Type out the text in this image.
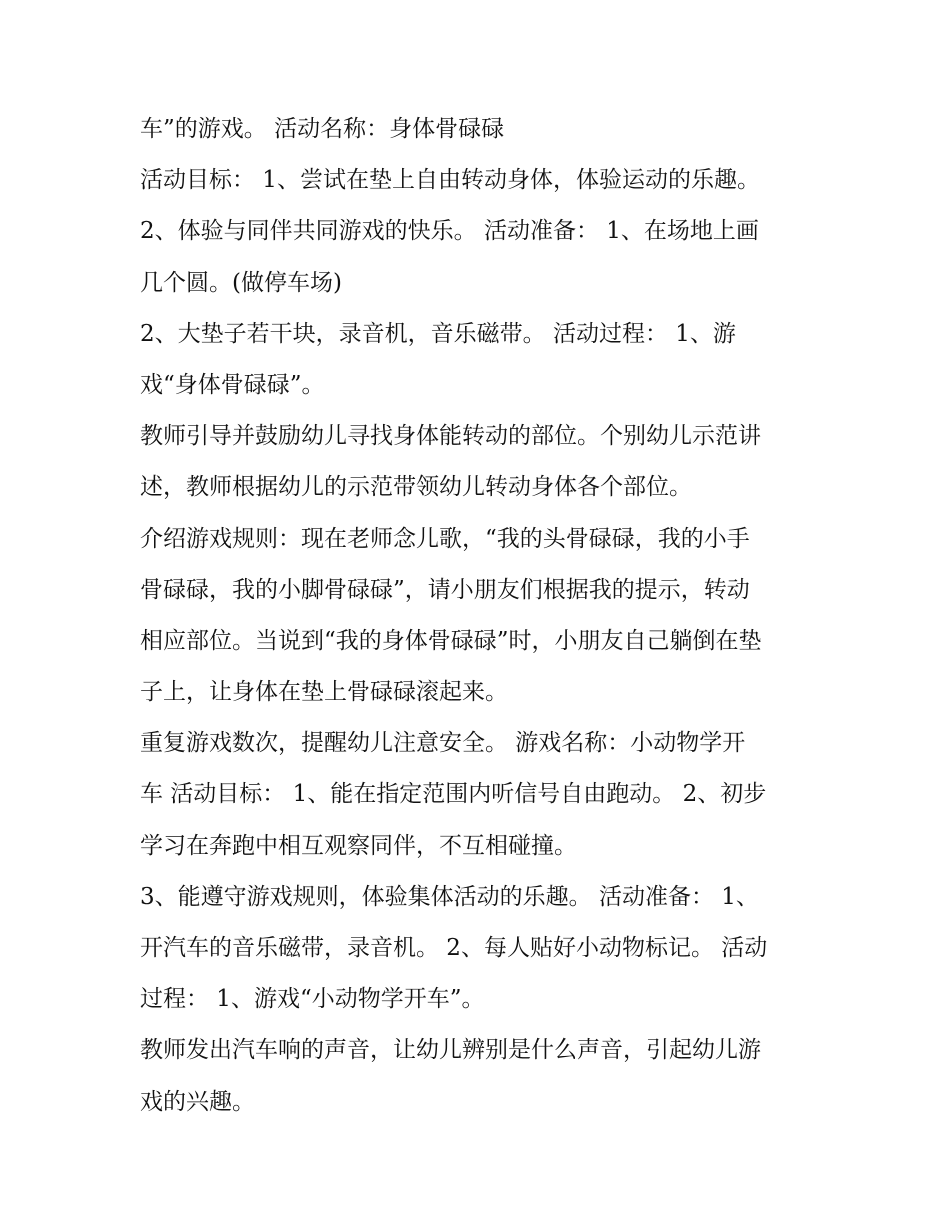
车”的游戏。 活动名称：身体骨碌碌
活动目标： 1、尝试在垫上自由转动身体，体验运动的乐趣。
2、体验与同伴共同游戏的快乐。 活动准备： 1、在场地上画
几个圆。(做停车场)
2、大垫子若干块，录音机，音乐磁带。 活动过程： 1、游
戏“身体骨碌碌”。
教师引导并鼓励幼儿寻找身体能转动的部位。个别幼儿示范讲
述，教师根据幼儿的示范带领幼儿转动身体各个部位。
介绍游戏规则：现在老师念儿歌，“我的头骨碌碌，我的小手
骨碌碌，我的小脚骨碌碌”，请小朋友们根据我的提示，转动
相应部位。当说到“我的身体骨碌碌”时，小朋友自己躺倒在垫
子上，让身体在垫上骨碌碌滚起来。
重复游戏数次，提醒幼儿注意安全。 游戏名称：小动物学开
车 活动目标： 1、能在指定范围内听信号自由跑动。 2、初步
学习在奔跑中相互观察同伴，不互相碰撞。
3、能遵守游戏规则，体验集体活动的乐趣。 活动准备： 1、
开汽车的音乐磁带，录音机。 2、每人贴好小动物标记。 活动
过程： 1、游戏“小动物学开车”。
教师发出汽车响的声音，让幼儿辨别是什么声音，引起幼儿游
戏的兴趣。
